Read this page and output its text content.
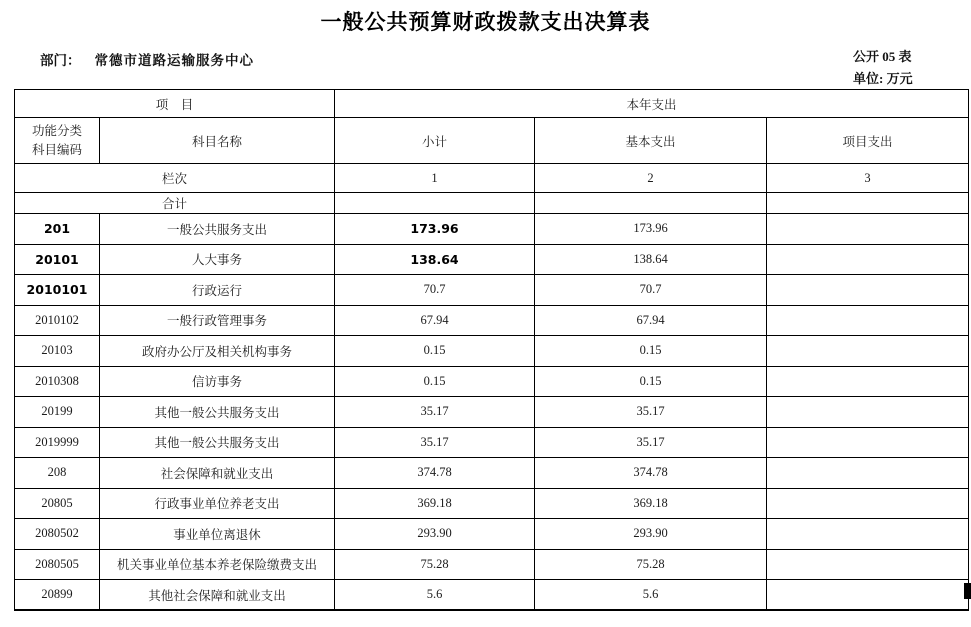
一般公共预算财政拨款支出决算表
部门： 常德市道路运输服务中心	公开 05 表
单位: 万元
项　目		本年支出		
功能分类
科目编码	科目名称	小计	基本支出	项目支出
栏次		1	2	3
合计				
201	一般公共服务支出	173.96	173.96	
20101	人大事务	138.64	138.64	
2010101	行政运行	70.7	70.7	
2010102	一般行政管理事务	67.94	67.94	
20103	政府办公厅及相关机构事务	0.15	0.15	
2010308	信访事务	0.15	0.15	
20199	其他一般公共服务支出	35.17	35.17	
2019999	其他一般公共服务支出	35.17	35.17	
208	社会保障和就业支出	374.78	374.78	
20805	行政事业单位养老支出	369.18	369.18	
2080502	事业单位离退休	293.90	293.90	
2080505	机关事业单位基本养老保险缴费支出	75.28	75.28	
20899	其他社会保障和就业支出	5.6	5.6	
